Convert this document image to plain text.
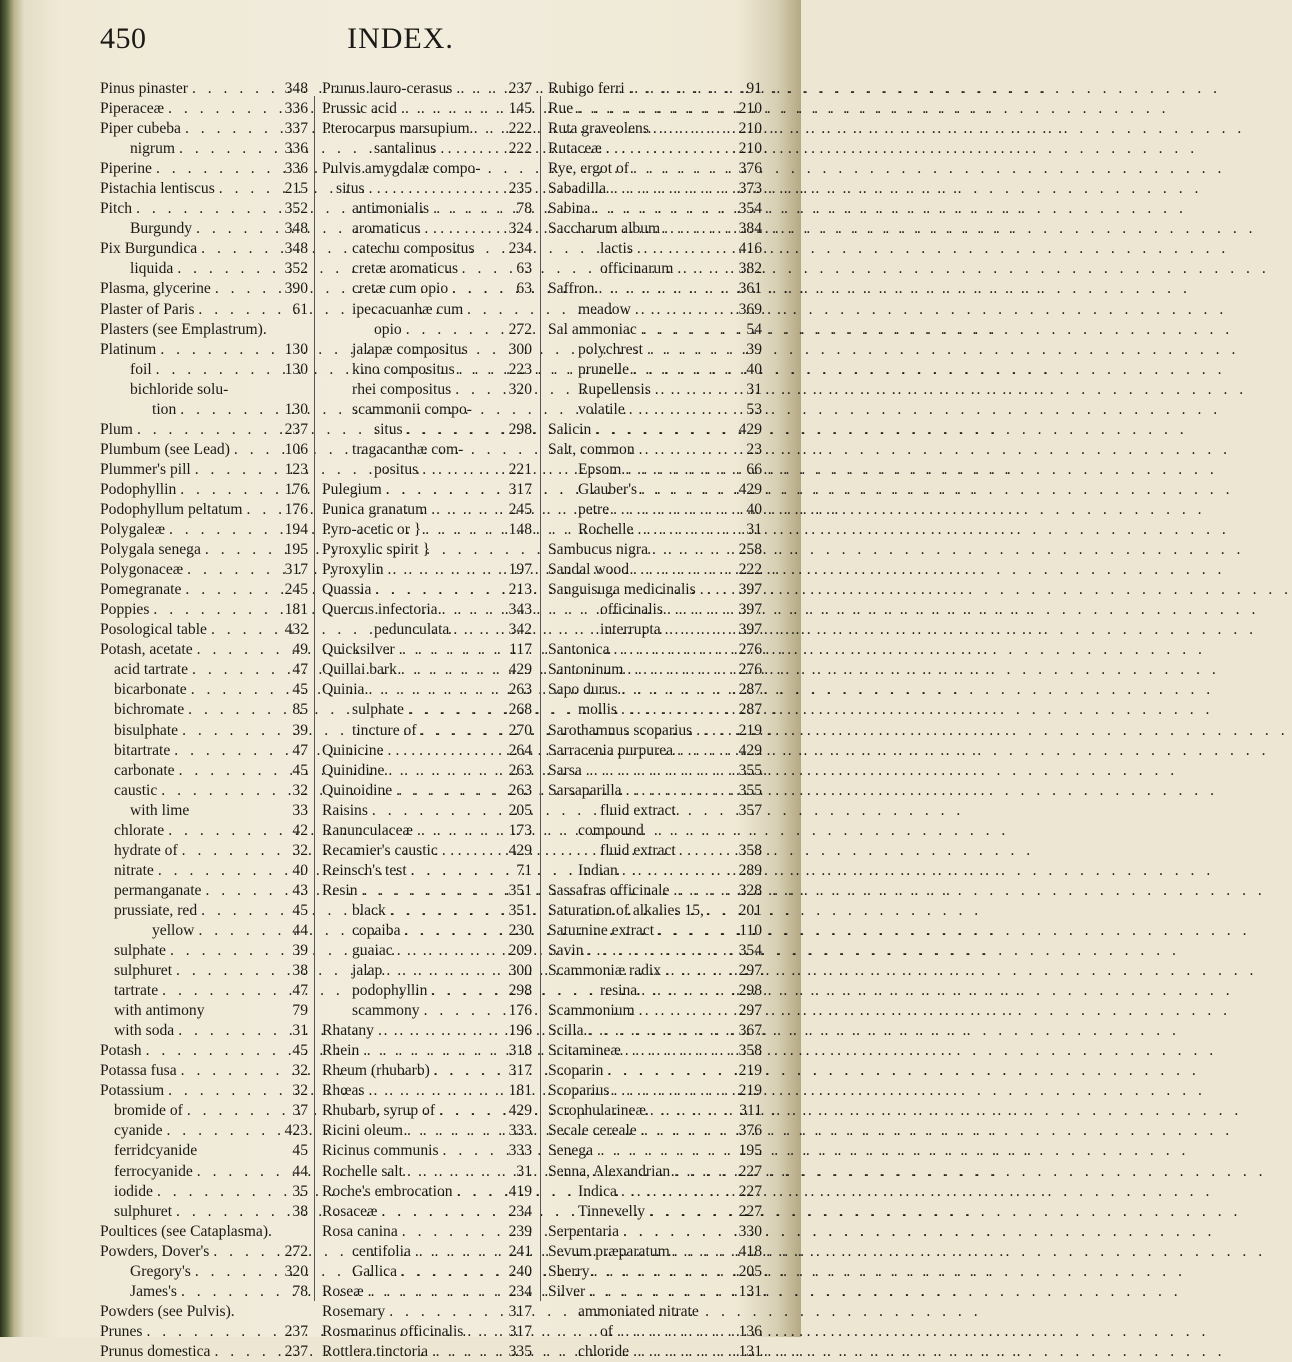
450	INDEX.
Pinus pinaster . . .	348
Piperaceæ . . .	336
Piper cubeba . . .	337
nigrum . . .	336
Piperine . . .	336
Pistachia lentiscus . . .	215
Pitch . . .	352
Burgundy . . .	348
Pix Burgundica . . .	348
liquida . . .	352
Plasma, glycerine . . .	390
Plaster of Paris . . .	61
Plasters (see Emplastrum).
Platinum . . .	130
foil . . .	130
bichloride solu-
tion . . .	130
Plum . . .	237
Plumbum (see Lead) . . .	106
Plummer's pill . . .	123
Podophyllin . . .	176
Podophyllum peltatum . . .	176
Polygaleæ . . .	194
Polygala senega . . .	195
Polygonaceæ . . .	317
Pomegranate . . .	245
Poppies . . .	181
Posological table . . .	432
Potash, acetate . . .	49
acid tartrate . . .	47
bicarbonate . . .	45
bichromate . . .	85
bisulphate . . .	39
bitartrate . . .	47
carbonate . . .	45
caustic . . .	32
with lime	33
chlorate . . .	42
hydrate of . . .	32
nitrate . . .	40
permanganate . . .	43
prussiate, red . . .	45
yellow . . .	44
sulphate . . .	39
sulphuret . . .	38
tartrate . . .	47
with antimony	79
with soda . . .	31
Potash . . .	45
Potassa fusa . . .	32
Potassium . . .	32
bromide of . . .	37
cyanide . . .	423
ferridcyanide	45
ferrocyanide . . .	44
iodide . . .	35
sulphuret . . .	38
Poultices (see Cataplasma).
Powders, Dover's . . .	272
Gregory's . . .	320
James's . . .	78
Powders (see Pulvis).
Prunes . . .	237
Prunus domestica . . .	237
Prunus lauro-cerasus . . .	237
Prussic acid . . .	145
Pterocarpus marsupium . . . 222
santalinus . . .	222
Pulvis amygdalæ compo-
situs . . .	235
antimonialis . . .	78
aromaticus . . .	324
catechu compositus 234
cretæ aromaticus	63
cretæ cum opio . . .	63
ipecacuanhæ cum
opio . . .	272
jalapæ compositus	300
kino compositus . . .	223
rhei compositus . . .	320
scammonii compo-
situs . . .	298
tragacanthæ com-
positus . . .	221
Pulegium . . .	317
Punica granatum . . .	245
Pyro-acetic or } . . .	148
Pyroxylic spirit }
Pyroxylin . . .	197
Quassia . . .	213
Quercus infectoria . . .	343
pedunculata . . .	342
Quicksilver . . .	117
Quillai bark . . .	429
Quinia . . .	263
sulphate . . .	268
tincture of . . .	270
Quinicine . . .	264
Quinidine . . .	263
Quinoidine . . .	263
Raisins . . .	205
Ranunculaceæ . . .	173
Recamier's caustic . . .	429
Reinsch's test . . .	71
Resin . . .	351
black . . .	351
copaiba . . .	230
guaiac . . .	209
jalap . . .	300
podophyllin . . .	298
scammony . . .	176
Rhatany . . .	196
Rhein . . .	318
Rheum (rhubarb) . . .	317
Rhœas . . .	181
Rhubarb, syrup of . . .	429
Ricini oleum . . .	333
Ricinus communis . . .	333
Rochelle salt . . .	31
Roche's embrocation . . .	419
Rosaceæ . . .	234
Rosa canina . . .	239
centifolia . . .	241
Gallica . . .	240
Roseæ . . .	234
Rosemary . . .	317
Rosmarinus officinalis . . .	317
Rottlera tinctoria . . .	335
Rubigo ferri . . .	91
Rue . . .	210
Ruta graveolens . . .	210
Rutaceæ . . .	210
Rye, ergot of . . .	376
Sabadilla . . .	373
Sabina . . .	354
Saccharum album . . .	384
lactis . . .	416
officinarum . . .	382
Saffron . . .	361
meadow . . .	369
Sal ammoniac . . .	54
polychrest . . .	39
prunelle . . .	40
Rupellensis . . .	31
volatile . . .	53
Salicin . . .	429
Salt, common . . .	23
Epsom . . .	66
Glauber's . . .	429
petre . . .	40
Rochelle . . .	31
Sambucus nigra . . .	258
Sandal wood . . .	222
Sanguisuga medicinalis . . .	397
officinalis . . .	397
interrupta . . .	397
Santonica . . .	276
Santoninum . . .	276
Sapo durus . . .	287
mollis . . .	287
Sarothamnus scoparius . . .	219
Sarracenia purpurea . . .	429
Sarsa . . .	355
Sarsaparilla . . .	355
fluid extract.	357
compound
fluid extract	358
Indian . . .	289
Sassafras officinale . . .	328
Saturation of alkalies 15, 201
Saturnine extract . . .	110
Savin . . .	354
Scammoniæ radix . . .	297
resina . . .	298
Scammonium . . .	297
Scilla . . .	367
Scitamineæ . . .	358
Scoparin . . .	219
Scoparius . . .	219
Scrophularineæ . . .	311
Secale cereale . . .	376
Senega . . .	195
Senna, Alexandrian . . .	227
Indica . . .	227
Tinnevelly . . .	227
Serpentaria . . .	330
Sevum præparatum . . .	418
Sherry . . .	205
Silver . . .	131
ammoniated nitrate
of . . .	136
chloride . . .	131
